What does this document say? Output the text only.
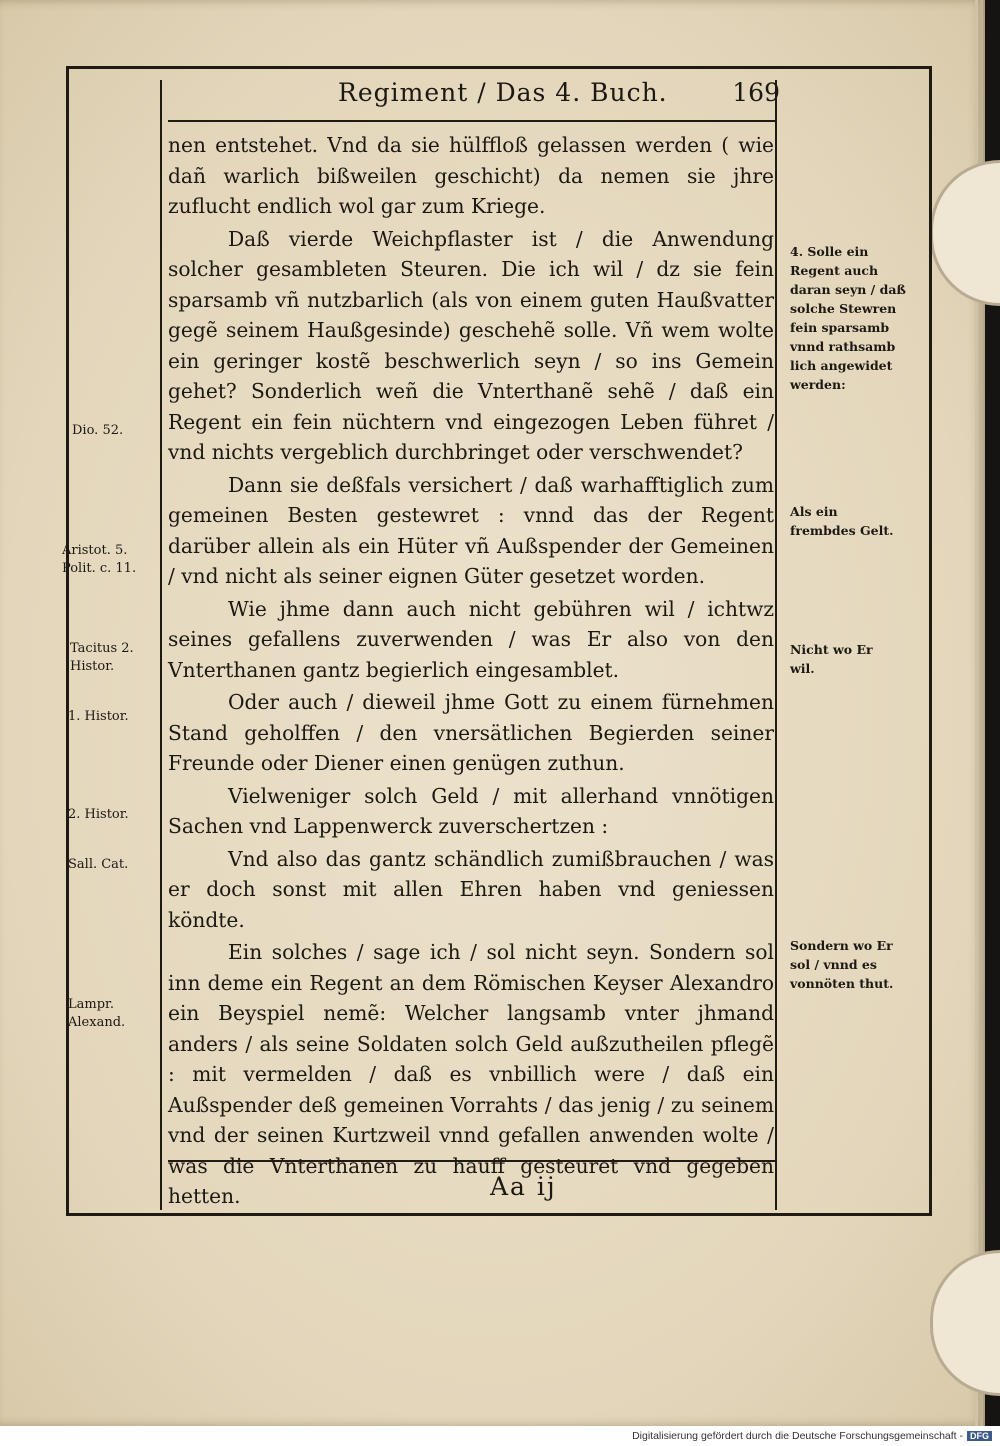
Regiment / Das 4. Buch.	169

nen entstehet. Vnd da sie hülffloß gelassen werden ( wie dañ warlich bißweilen geschicht) da nemen sie jhre zuflucht endlich wol gar zum Kriege.

Daß vierde Weichpflaster ist / die Anwendung solcher gesambleten Steuren. Die ich wil / dz sie fein sparsamb vñ nutzbarlich (als von einem guten Haußvatter gegẽ seinem Haußgesinde) geschehẽ solle. Vñ wem wolte ein geringer kostẽ beschwerlich seyn / so ins Gemein gehet? Sonderlich weñ die Vnterthanẽ sehẽ / daß ein Regent ein fein nüchtern vnd eingezogen Leben führet / vnd nichts vergeblich durchbringet oder verschwendet?

Dann sie deßfals versichert / daß warhafftiglich zum gemeinen Besten gestewret : vnnd das der Regent darüber allein als ein Hüter vñ Außspender der Gemeinen / vnd nicht als seiner eignen Güter gesetzet worden.

Wie jhme dann auch nicht gebühren wil / ichtwz seines gefallens zuverwenden / was Er also von den Vnterthanen gantz begierlich eingesamblet.

Oder auch / dieweil jhme Gott zu einem fürnehmen Stand geholffen / den vnersätlichen Begierden seiner Freunde oder Diener einen genügen zuthun.

Vielweniger solch Geld / mit allerhand vnnötigen Sachen vnd Lappenwerck zuverschertzen :

Vnd also das gantz schändlich zumißbrauchen / was er doch sonst mit allen Ehren haben vnd geniessen köndte.

Ein solches / sage ich / sol nicht seyn. Sondern sol inn deme ein Regent an dem Römischen Keyser Alexandro ein Beyspiel nemẽ: Welcher langsamb vnter jhmand anders / als seine Soldaten solch Geld außzutheilen pflegẽ : mit vermelden / daß es vnbillich were / daß ein Außspender deß gemeinen Vorrahts / das jenig / zu seinem vnd der seinen Kurtzweil vnnd gefallen anwenden wolte / was die Vnterthanen zu hauff gesteuret vnd gegeben hetten.

Dio. 52.
Aristot. 5. Polit. c. 11.
Tacitus 2. Histor.
1. Histor.
2. Histor.
Sall. Cat.
Lampr. Alexand.
4. Solle ein Regent auch daran seyn / daß solche Stewren fein sparsamb vnnd rathsamb lich angewidet werden:
Als ein frembdes Gelt.
Nicht wo Er wil.
Sondern wo Er sol / vnnd es vonnöten thut.
Aa ij
Digitalisierung gefördert durch die Deutsche Forschungsgemeinschaft - DFG
